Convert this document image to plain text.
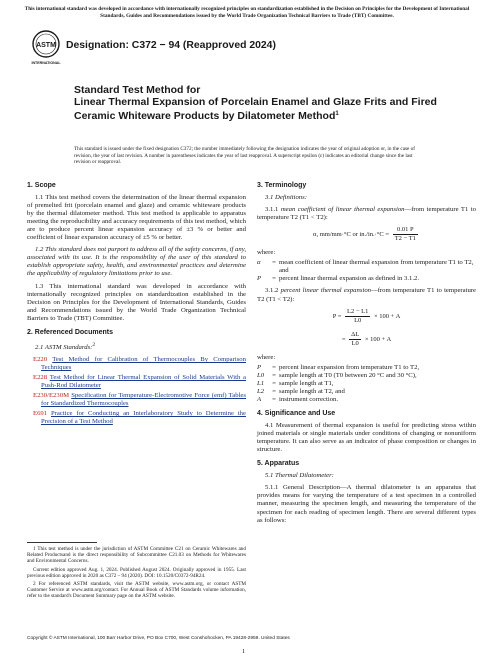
This international standard was developed in accordance with internationally recognized principles on standardization established in the Decision on Principles for the Development of International Standards, Guides and Recommendations issued by the World Trade Organization Technical Barriers to Trade (TBT) Committee.
ASTM
INTERNATIONAL
Designation: C372 − 94 (Reapproved 2024)
Standard Test Method for
Linear Thermal Expansion of Porcelain Enamel and Glaze Frits and Fired Ceramic Whiteware Products by Dilatometer Method$^1$
This standard is issued under the fixed designation C372; the number immediately following the designation indicates the year of original adoption or, in the case of revision, the year of last revision. A number in parentheses indicates the year of last reapproval. A superscript epsilon (ε) indicates an editorial change since the last revision or reapproval.
1. Scope

1.1 This test method covers the determination of the linear thermal expansion of premelted frit (porcelain enamel and glaze) and ceramic whiteware products by the thermal dilatometer method. This test method is applicable to apparatus meeting the reproducibility and accuracy requirements of this test method, which are to produce percent linear expansion accuracy of ±3 % or better and coefficient of linear expansion accuracy of ±5 % or better.

1.2 This standard does not purport to address all of the safety concerns, if any, associated with its use. It is the responsibility of the user of this standard to establish appropriate safety, health, and environmental practices and determine the applicability of regulatory limitations prior to use.

1.3 This international standard was developed in accordance with internationally recognized principles on standardization established in the Decision on Principles for the Development of International Standards, Guides and Recommendations issued by the World Trade Organization Technical Barriers to Trade (TBT) Committee.

2. Referenced Documents

2.1 ASTM Standards:$^2$

E220 Test Method for Calibration of Thermocouples By Comparison Techniques
E228 Test Method for Linear Thermal Expansion of Solid Materials With a Push-Rod Dilatometer
E230/E230M Specification for Temperature-Electromotive Force (emf) Tables for Standardized Thermocouples
E691 Practice for Conducting an Interlaboratory Study to Determine the Precision of a Test Method
3. Terminology

3.1 Definitions:

3.1.1 mean coefficient of linear thermal expansion—from temperature T1 to temperature T2 (T1 < T2):

α, mm/mm·°C or $in./in.\cdot^\circ C = \frac{0.01 P}{T2 - T1}$

where:

α	= mean coefficient of linear thermal expansion from temperature T1 to T2, and
P	= percent linear thermal expansion as defined in 3.1.2.

3.1.2 percent linear thermal expansion—from temperature T1 to temperature T2 (T1 < T2):

$P = \frac{L2 - L1}{L0} \times 100 + A$
= $\frac{\Delta L}{L0} \times 100 + A$

where:

P	= percent linear expansion from temperature T1 to T2,
L0	= sample length at T0 (T0 between 20 °C and 30 °C),
L1	= sample length at T1,
L2	= sample length at T2, and
A	= instrument correction.
4. Significance and Use

4.1 Measurement of thermal expansion is useful for predicting stress within joined materials or single materials under conditions of changing or nonuniform temperature. It can also serve as an indicator of phase composition or changes in structure.

5. Apparatus

5.1 Thermal Dilatometer:

5.1.1 General Description—A thermal dilatometer is an apparatus that provides means for varying the temperature of a test specimen in a controlled manner, measuring the specimen length, and measuring the temperature of the specimen for each reading of specimen length. There are several different types as follows:

1 This test method is under the jurisdiction of ASTM Committee C21 on Ceramic Whitewares and Related Productsand is the direct responsibility of Subcommittee C21.03 on Methods for Whitewares and Environmental Concerns.

Current edition approved Aug. 1, 2024. Published August 2024. Originally approved in 1955. Last previous edition approved in 2020 as C372 – 94 (2020). DOI: 10.1520/C0372-94R24.

2 For referenced ASTM standards, visit the ASTM website, www.astm.org, or contact ASTM Customer Service at www.astm.org/contact. For Annual Book of ASTM Standards volume information, refer to the standard's Document Summary page on the ASTM website.

Copyright © ASTM International, 100 Barr Harbor Drive, PO Box C700, West Conshohocken, PA 19428-2959. United States
1
